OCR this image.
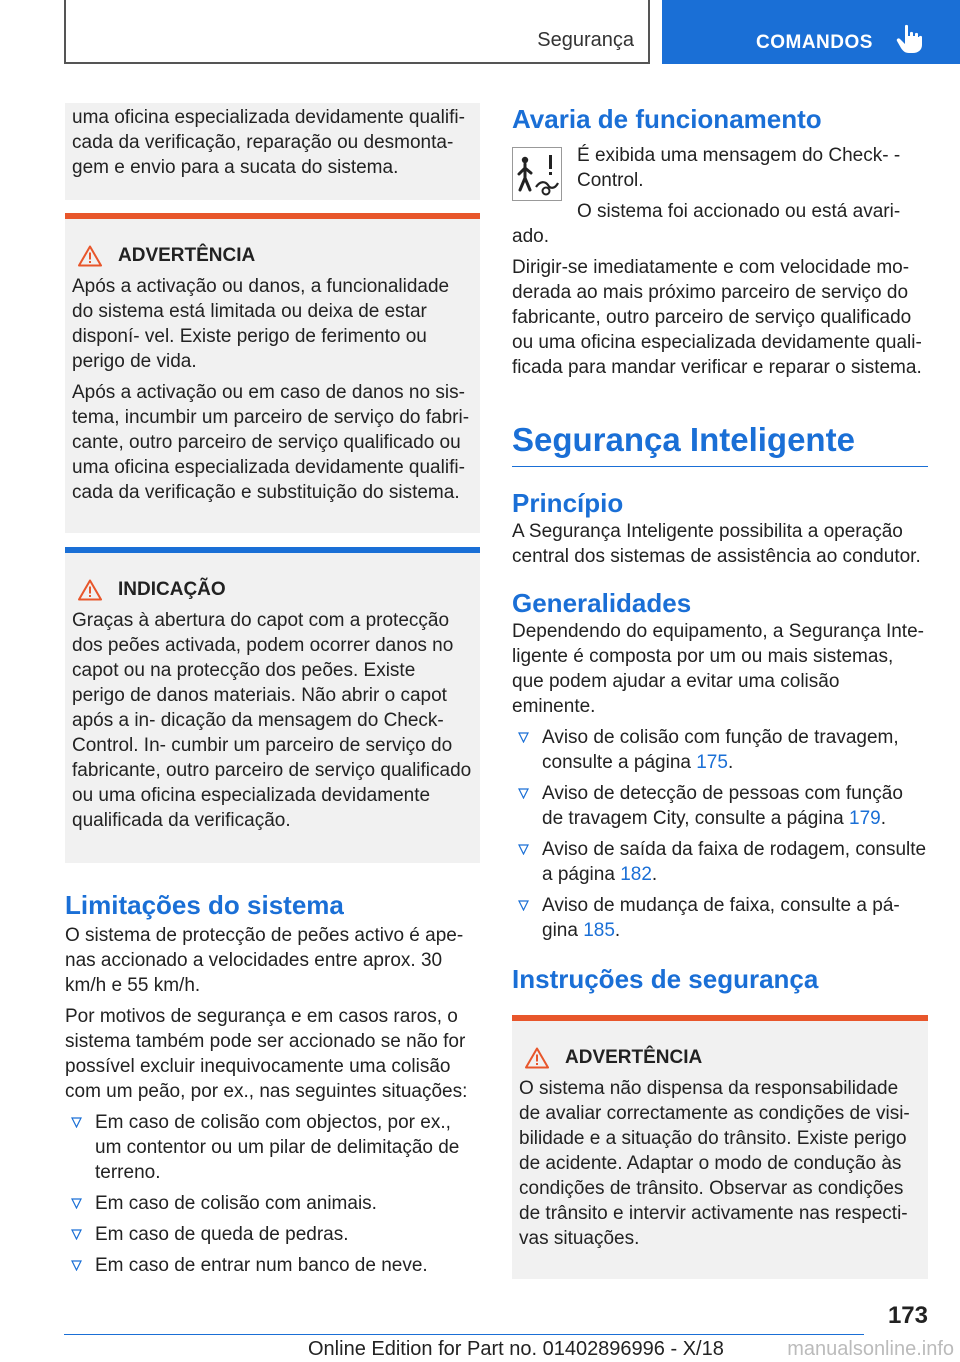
Segurança	COMANDOS
uma oficina especializada devidamente qualifi-
cada da verificação, reparação ou desmonta-
gem e envio para a sucata do sistema.
ADVERTÊNCIA

Após a activação ou danos, a funcionalidade do sistema está limitada ou deixa de estar disponí- vel. Existe perigo de ferimento ou perigo de vida.

Após a activação ou em caso de danos no sis- tema, incumbir um parceiro de serviço do fabri- cante, outro parceiro de serviço qualificado ou uma oficina especializada devidamente qualifi- cada da verificação e substituição do sistema.

INDICAÇÃO

Graças à abertura do capot com a protecção dos peões activada, podem ocorrer danos no capot ou na protecção dos peões. Existe perigo de danos materiais. Não abrir o capot após a in- dicação da mensagem do Check-Control. In- cumbir um parceiro de serviço do fabricante, outro parceiro de serviço qualificado ou uma oficina especializada devidamente qualificada da verificação.

Limitações do sistema

O sistema de protecção de peões activo é ape- nas accionado a velocidades entre aprox. 30 km/h e 55 km/h.

Por motivos de segurança e em casos raros, o sistema também pode ser accionado se não for possível excluir inequivocamente uma colisão com um peão, por ex., nas seguintes situações:

Em caso de colisão com objectos, por ex., um contentor ou um pilar de delimitação de terreno.
Em caso de colisão com animais.
Em caso de queda de pedras.
Em caso de entrar num banco de neve.
Avaria de funcionamento

É exibida uma mensagem do Check- -Control.

O sistema foi accionado ou está avari- ado.

Dirigir-se imediatamente e com velocidade mo- derada ao mais próximo parceiro de serviço do fabricante, outro parceiro de serviço qualificado ou uma oficina especializada devidamente quali- ficada para mandar verificar e reparar o sistema.

Segurança Inteligente
Princípio

A Segurança Inteligente possibilita a operação central dos sistemas de assistência ao condutor.

Generalidades

Dependendo do equipamento, a Segurança Inte- ligente é composta por um ou mais sistemas, que podem ajudar a evitar uma colisão eminente.

Aviso de colisão com função de travagem, consulte a página 175.
Aviso de detecção de pessoas com função de travagem City, consulte a página 179.
Aviso de saída da faixa de rodagem, consulte a página 182.
Aviso de mudança de faixa, consulte a pá- gina 185.
Instruções de segurança
ADVERTÊNCIA

O sistema não dispensa da responsabilidade de avaliar correctamente as condições de visi- bilidade e a situação do trânsito. Existe perigo de acidente. Adaptar o modo de condução às condições de trânsito. Observar as condições de trânsito e intervir activamente nas respecti- vas situações.

173
Online Edition for Part no. 01402896996 - X/18	manualsonline.info
